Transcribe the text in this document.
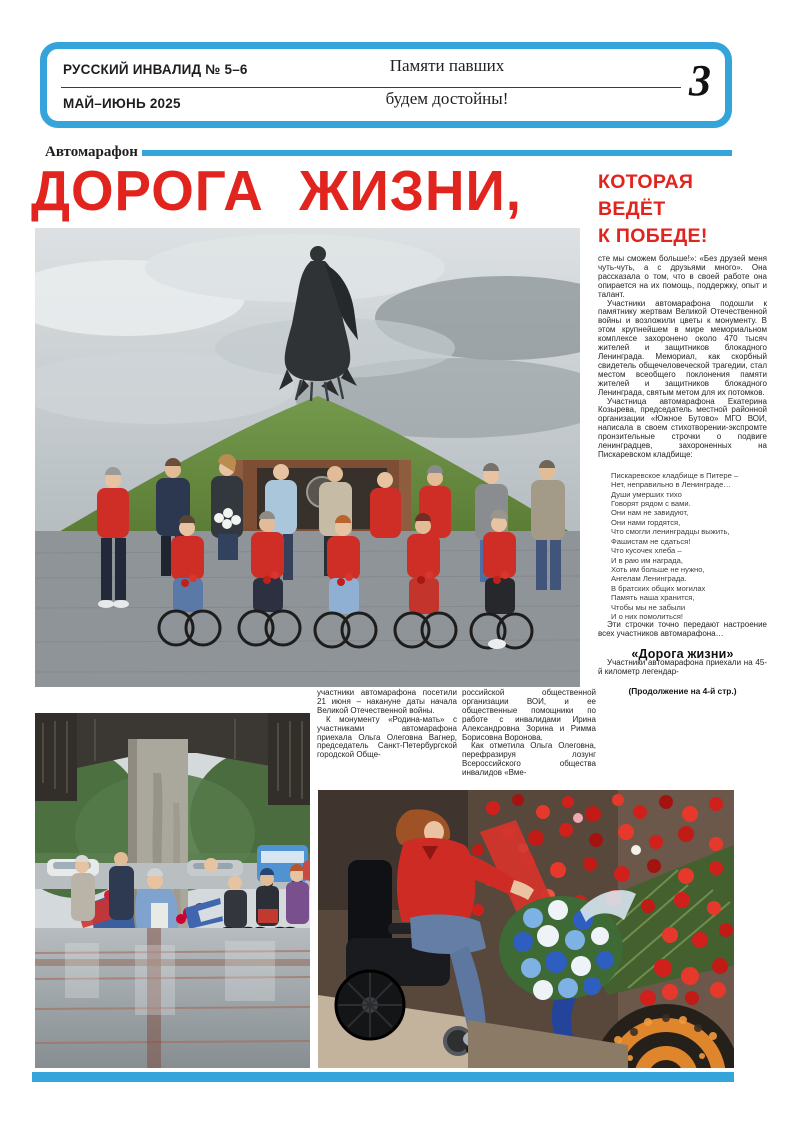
РУССКИЙ ИНВАЛИД № 5–6
МАЙ–ИЮНЬ 2025
Памяти павших
будем достойны!	3
Автомарафон
ДОРОГА ЖИЗНИ,	КОТОРАЯ
ВЕДЁТ
К ПОБЕДЕ!

сте мы сможем больше!»: «Без друзей меня чуть-чуть, а с друзьями много». Она рассказала о том, что в своей работе она опирается на их помощь, поддержку, опыт и талант.

Участники автомарафона подошли к памятнику жертвам Великой Отечественной войны и возложили цветы к монументу. В этом крупнейшем в мире мемориальном комплексе захоронено около 470 тысяч жителей и защитников блокадного Ленинграда. Мемориал, как скорбный свидетель общечеловеческой трагедии, стал местом всеобщего поклонения памяти жителей и защитников блокадного Ленинграда, святым метом для их потомков.

Участница автомарафона Екатерина Козырева, председатель местной районной организации «Южное Бутово» МГО ВОИ, написала в своем стихотворении-экспромте пронзительные строчки о подвиге ленинградцев, захороненных на Пискаревском кладбище:

Пискаревское кладбище в Питере –
Нет, неправильно в Ленинграде…
Души умерших тихо
Говорят рядом с вами.
Они нам не завидуют,
Они нами гордятся,
Что смогли ленинградцы выжить,
Фашистам не сдаться!
Что кусочек хлеба –
И в раю им награда,
Хоть им больше не нужно,
Ангелам Ленинграда.
В братских общих могилах
Память наша хранится,
Чтобы мы не забыли
И о них помолиться!

Эти строчки точно передают настроение всех участников автомарафона…

«Дорога жизни»

Участники автомарафона приехали на 45-й километр легендар-

(Продолжение на 4-й стр.)

участники автомарафона посетили 21 июня – накануне даты начала Великой Отечественной войны.

К монументу «Родина-мать» с участниками автомарафона приехала Ольга Олеговна Вагнер, председатель Санкт-Петербургской городской Обще-

российской общественной организации ВОИ, и ее общественные помощники по работе с инвалидами Ирина Александровна Зорина и Римма Борисовна Воронова.

Как отметила Ольга Олеговна, перефразируя лозунг Всероссийского общества инвалидов «Вме-
